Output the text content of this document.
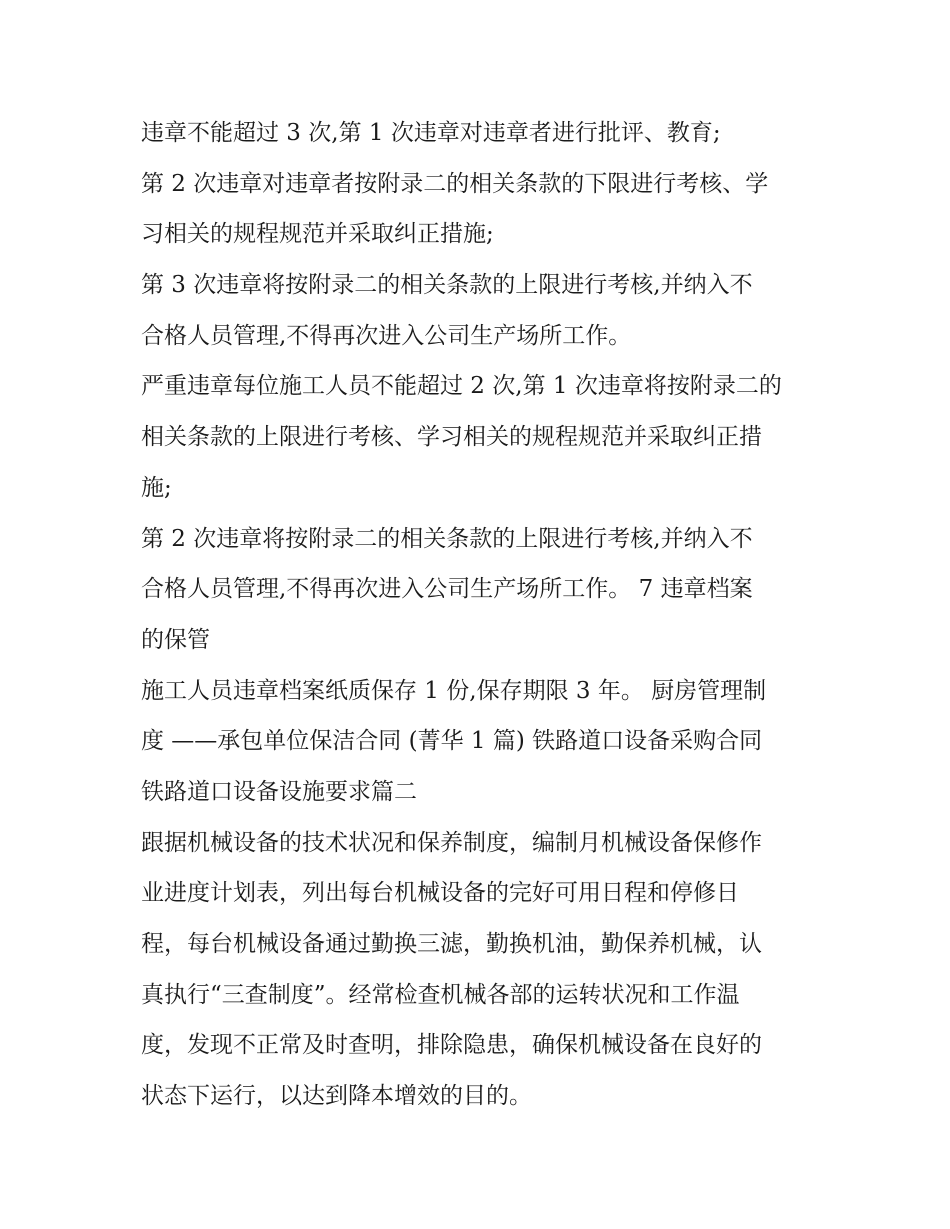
违章不能超过 3 次,第 1 次违章对违章者进行批评、教育;
第 2 次违章对违章者按附录二的相关条款的下限进行考核、学
习相关的规程规范并采取纠正措施;
第 3 次违章将按附录二的相关条款的上限进行考核,并纳入不
合格人员管理,不得再次进入公司生产场所工作。
严重违章每位施工人员不能超过 2 次,第 1 次违章将按附录二的
相关条款的上限进行考核、学习相关的规程规范并采取纠正措
施;
第 2 次违章将按附录二的相关条款的上限进行考核,并纳入不
合格人员管理,不得再次进入公司生产场所工作。 7 违章档案
的保管
施工人员违章档案纸质保存 1 份,保存期限 3 年。 厨房管理制
度 ——承包单位保洁合同 (菁华 1 篇) 铁路道口设备采购合同
铁路道口设备设施要求篇二
跟据机械设备的技术状况和保养制度，编制月机械设备保修作
业进度计划表，列出每台机械设备的完好可用日程和停修日
程，每台机械设备通过勤换三滤，勤换机油，勤保养机械，认
真执行“三查制度”。经常检查机械各部的运转状况和工作温
度，发现不正常及时查明，排除隐患，确保机械设备在良好的
状态下运行，以达到降本增效的目的。
